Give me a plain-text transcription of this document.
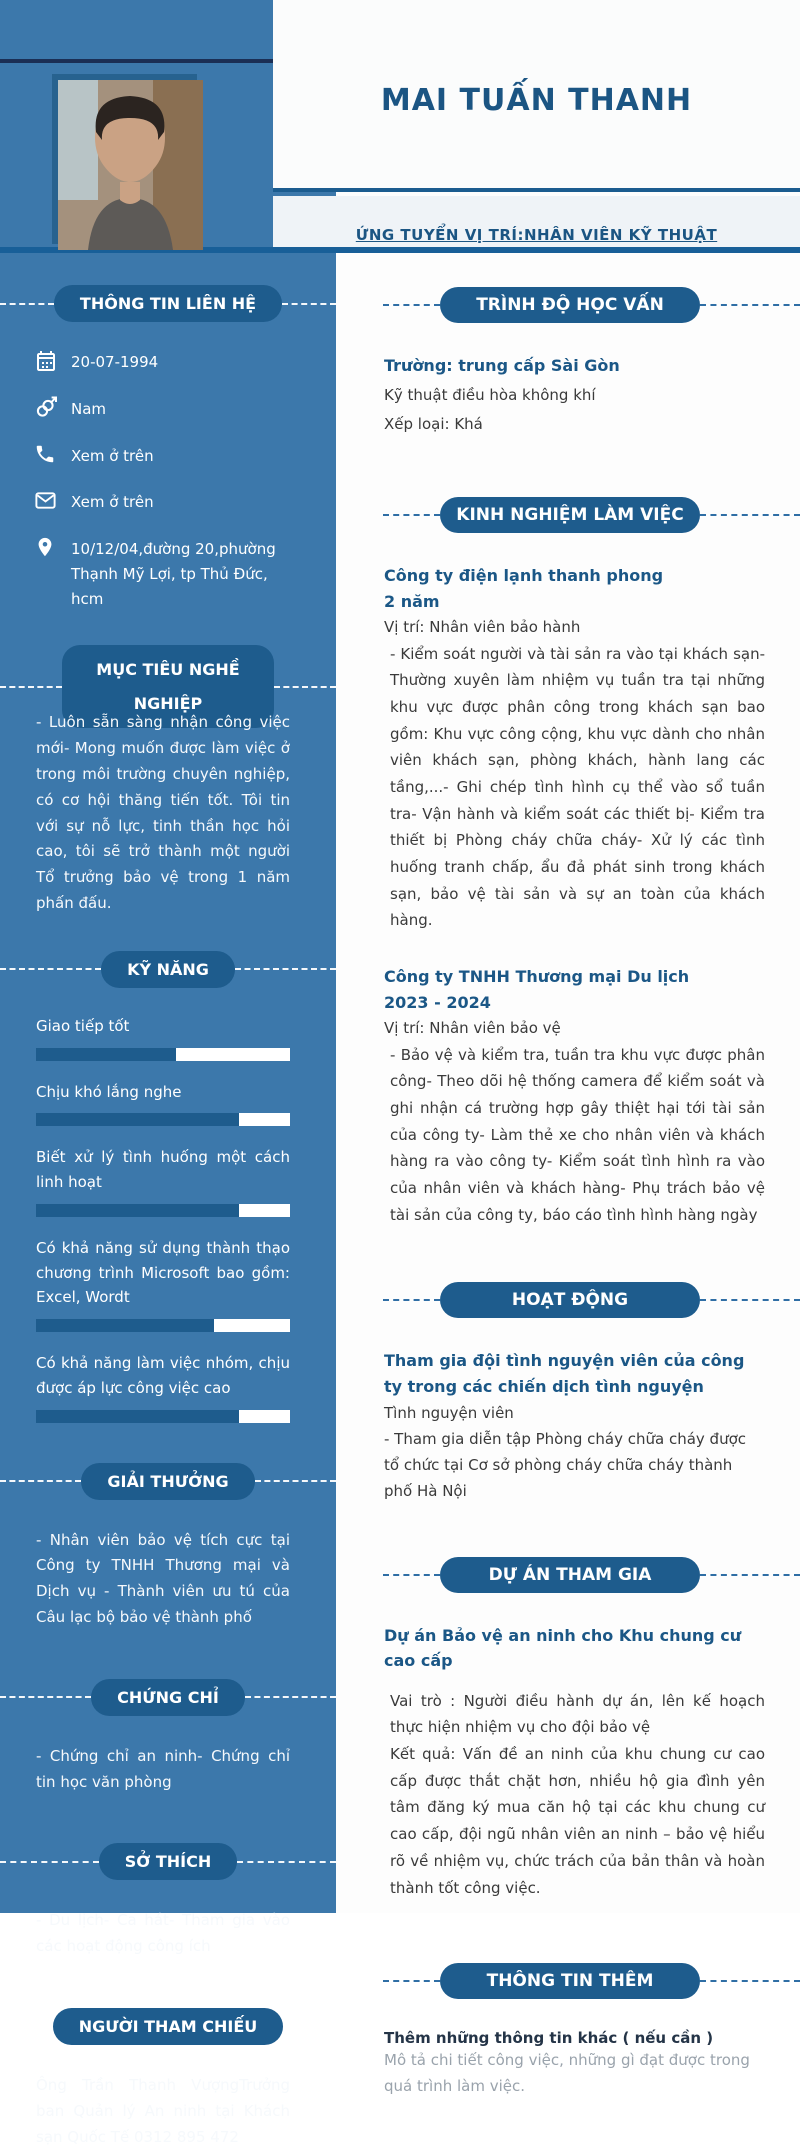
MAI TUẤN THANH
ỨNG TUYỂN VỊ TRÍ:NHÂN VIÊN KỸ THUẬT
THÔNG TIN LIÊN HỆ
20-07-1994
Nam
Xem ở trên
Xem ở trên
10/12/04,đường 20,phường Thạnh Mỹ Lợi, tp Thủ Đức, hcm
MỤC TIÊU NGHỀ NGHIỆP
- Luôn sẵn sàng nhận công việc mới- Mong muốn được làm việc ở trong môi trường chuyên nghiệp, có cơ hội thăng tiến tốt. Tôi tin với sự nỗ lực, tinh thần học hỏi cao, tôi sẽ trở thành một người Tổ trưởng bảo vệ trong 1 năm phấn đấu.
KỸ NĂNG
Giao tiếp tốt
Chịu khó lắng nghe
Biết xử lý tình huống một cách linh hoạt
Có khả năng sử dụng thành thạo chương trình Microsoft bao gồm: Excel, Wordt
Có khả năng làm việc nhóm, chịu được áp lực công việc cao
GIẢI THƯỞNG
- Nhân viên bảo vệ tích cực tại Công ty TNHH Thương mại và Dịch vụ - Thành viên ưu tú của Câu lạc bộ bảo vệ thành phố
CHỨNG CHỈ
- Chứng chỉ an ninh- Chứng chỉ tin học văn phòng
SỞ THÍCH
- Du lịch- Ca hát- Tham gia vào các hoạt động công ích
NGƯỜI THAM CHIẾU
Ông Trần Thanh VượngTrưởng ban Quản lý An ninh tại Khách sạn Quốc Tế 0312 895 472
TRÌNH ĐỘ HỌC VẤN
Trường: trung cấp Sài Gòn
Kỹ thuật điều hòa không khí
Xếp loại: Khá
KINH NGHIỆM LÀM VIỆC
Công ty điện lạnh thanh phong
2 năm
Vị trí: Nhân viên bảo hành
- Kiểm soát người và tài sản ra vào tại khách sạn- Thường xuyên làm nhiệm vụ tuần tra tại những khu vực được phân công trong khách sạn bao gồm: Khu vực công cộng, khu vực dành cho nhân viên khách sạn, phòng khách, hành lang các tầng,...- Ghi chép tình hình cụ thể vào sổ tuần tra- Vận hành và kiểm soát các thiết bị- Kiểm tra thiết bị Phòng cháy chữa cháy- Xử lý các tình huống tranh chấp, ẩu đả phát sinh trong khách sạn, bảo vệ tài sản và sự an toàn của khách hàng.
Công ty TNHH Thương mại Du lịch
2023 - 2024
Vị trí: Nhân viên bảo vệ
- Bảo vệ và kiểm tra, tuần tra khu vực được phân công- Theo dõi hệ thống camera để kiểm soát và ghi nhận cá trường hợp gây thiệt hại tới tài sản của công ty- Làm thẻ xe cho nhân viên và khách hàng ra vào công ty- Kiểm soát tình hình ra vào của nhân viên và khách hàng- Phụ trách bảo vệ tài sản của công ty, báo cáo tình hình hàng ngày
HOẠT ĐỘNG
Tham gia đội tình nguyện viên của công ty trong các chiến dịch tình nguyện
Tình nguyện viên
- Tham gia diễn tập Phòng cháy chữa cháy được tổ chức tại Cơ sở phòng cháy chữa cháy thành phố Hà Nội
DỰ ÁN THAM GIA
Dự án Bảo vệ an ninh cho Khu chung cư cao cấp
Vai trò : Người điều hành dự án, lên kế hoạch thực hiện nhiệm vụ cho đội bảo vệ
Kết quả: Vấn đề an ninh của khu chung cư cao cấp được thắt chặt hơn, nhiều hộ gia đình yên tâm đăng ký mua căn hộ tại các khu chung cư cao cấp, đội ngũ nhân viên an ninh – bảo vệ hiểu rõ về nhiệm vụ, chức trách của bản thân và hoàn thành tốt công việc.
THÔNG TIN THÊM
Thêm những thông tin khác ( nếu cần )
Mô tả chi tiết công việc, những gì đạt được trong quá trình làm việc.
